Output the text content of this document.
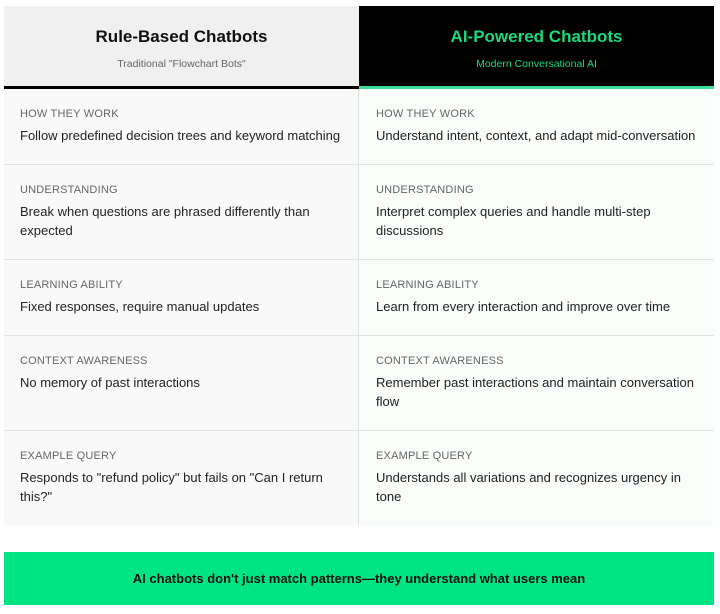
Rule-Based Chatbots
Traditional "Flowchart Bots"
AI-Powered Chatbots
Modern Conversational AI
HOW THEY WORK
Follow predefined decision trees and keyword matching
HOW THEY WORK
Understand intent, context, and adapt mid-conversation
UNDERSTANDING
Break when questions are phrased differently than expected
UNDERSTANDING
Interpret complex queries and handle multi-step discussions
LEARNING ABILITY
Fixed responses, require manual updates
LEARNING ABILITY
Learn from every interaction and improve over time
CONTEXT AWARENESS
No memory of past interactions
CONTEXT AWARENESS
Remember past interactions and maintain conversation flow
EXAMPLE QUERY
Responds to "refund policy" but fails on "Can I return this?"
EXAMPLE QUERY
Understands all variations and recognizes urgency in tone
AI chatbots don't just match patterns—they understand what users mean
